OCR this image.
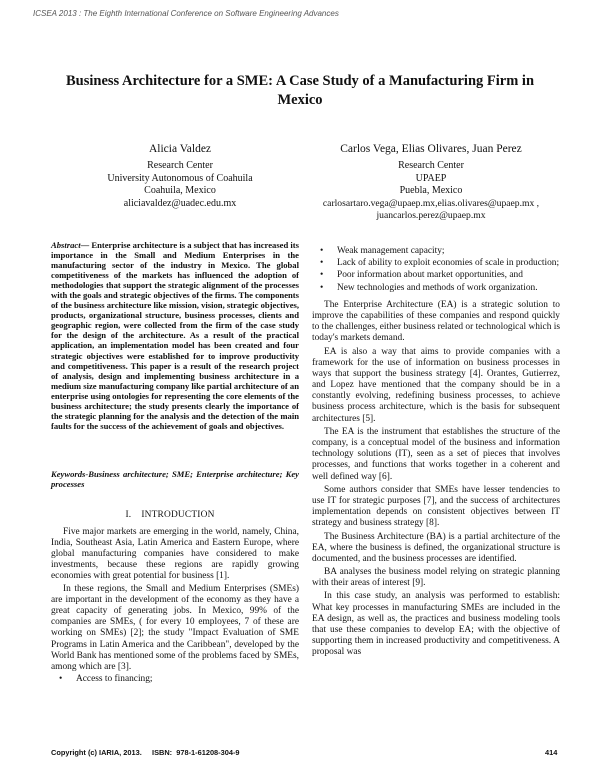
ICSEA 2013 : The Eighth International Conference on Software Engineering Advances
Business Architecture for a SME: A Case Study of a Manufacturing Firm in Mexico
Alicia Valdez
Research Center
University Autonomous of Coahuila
Coahuila, Mexico
aliciavaldez@uadec.edu.mx
Carlos Vega, Elias Olivares, Juan Perez
Research Center
UPAEP
Puebla, Mexico
carlosartaro.vega@upaep.mx,elias.olivares@upaep.mx ,
juancarlos.perez@upaep.mx

Abstract— Enterprise architecture is a subject that has increased its importance in the Small and Medium Enterprises in the manufacturing sector of the industry in Mexico. The global competitiveness of the markets has influenced the adoption of methodologies that support the strategic alignment of the processes with the goals and strategic objectives of the firms. The components of the business architecture like mission, vision, strategic objectives, products, organizational structure, business processes, clients and geographic region, were collected from the firm of the case study for the design of the architecture. As a result of the practical application, an implementation model has been created and four strategic objectives were established for to improve productivity and competitiveness. This paper is a result of the research project of analysis, design and implementing business architecture in a medium size manufacturing company like partial architecture of an enterprise using ontologies for representing the core elements of the business architecture; the study presents clearly the importance of the strategic planning for the analysis and the detection of the main faults for the success of the achievement of goals and objectives.

Keywords-Business architecture; SME; Enterprise architecture; Key processes

I. INTRODUCTION

Five major markets are emerging in the world, namely, China, India, Southeast Asia, Latin America and Eastern Europe, where global manufacturing companies have considered to make investments, because these regions are rapidly growing economies with great potential for business [1].

In these regions, the Small and Medium Enterprises (SMEs) are important in the development of the economy as they have a great capacity of generating jobs. In Mexico, 99% of the companies are SMEs, ( for every 10 employees, 7 of these are working on SMEs) [2]; the study "Impact Evaluation of SME Programs in Latin America and the Caribbean", developed by the World Bank has mentioned some of the problems faced by SMEs, among which are [3].

• Access to financing;
• Weak management capacity;
• Lack of ability to exploit economies of scale in production;
• Poor information about market opportunities, and
• New technologies and methods of work organization.

The Enterprise Architecture (EA) is a strategic solution to improve the capabilities of these companies and respond quickly to the challenges, either business related or technological which is today's markets demand.

EA is also a way that aims to provide companies with a framework for the use of information on business processes in ways that support the business strategy [4]. Orantes, Gutierrez, and Lopez have mentioned that the company should be in a constantly evolving, redefining business processes, to achieve business process architecture, which is the basis for subsequent architectures [5].

The EA is the instrument that establishes the structure of the company, is a conceptual model of the business and information technology solutions (IT), seen as a set of pieces that involves processes, and functions that works together in a coherent and well defined way [6].

Some authors consider that SMEs have lesser tendencies to use IT for strategic purposes [7], and the success of architectures implementation depends on consistent objectives between IT strategy and business strategy [8].

The Business Architecture (BA) is a partial architecture of the EA, where the business is defined, the organizational structure is documented, and the business processes are identified.

BA analyses the business model relying on strategic planning with their areas of interest [9].

In this case study, an analysis was performed to establish: What key processes in manufacturing SMEs are included in the EA design, as well as, the practices and business modeling tools that use these companies to develop EA; with the objective of supporting them in increased productivity and competitiveness. A proposal was

Copyright (c) IARIA, 2013.     ISBN:  978-1-61208-304-9	414
